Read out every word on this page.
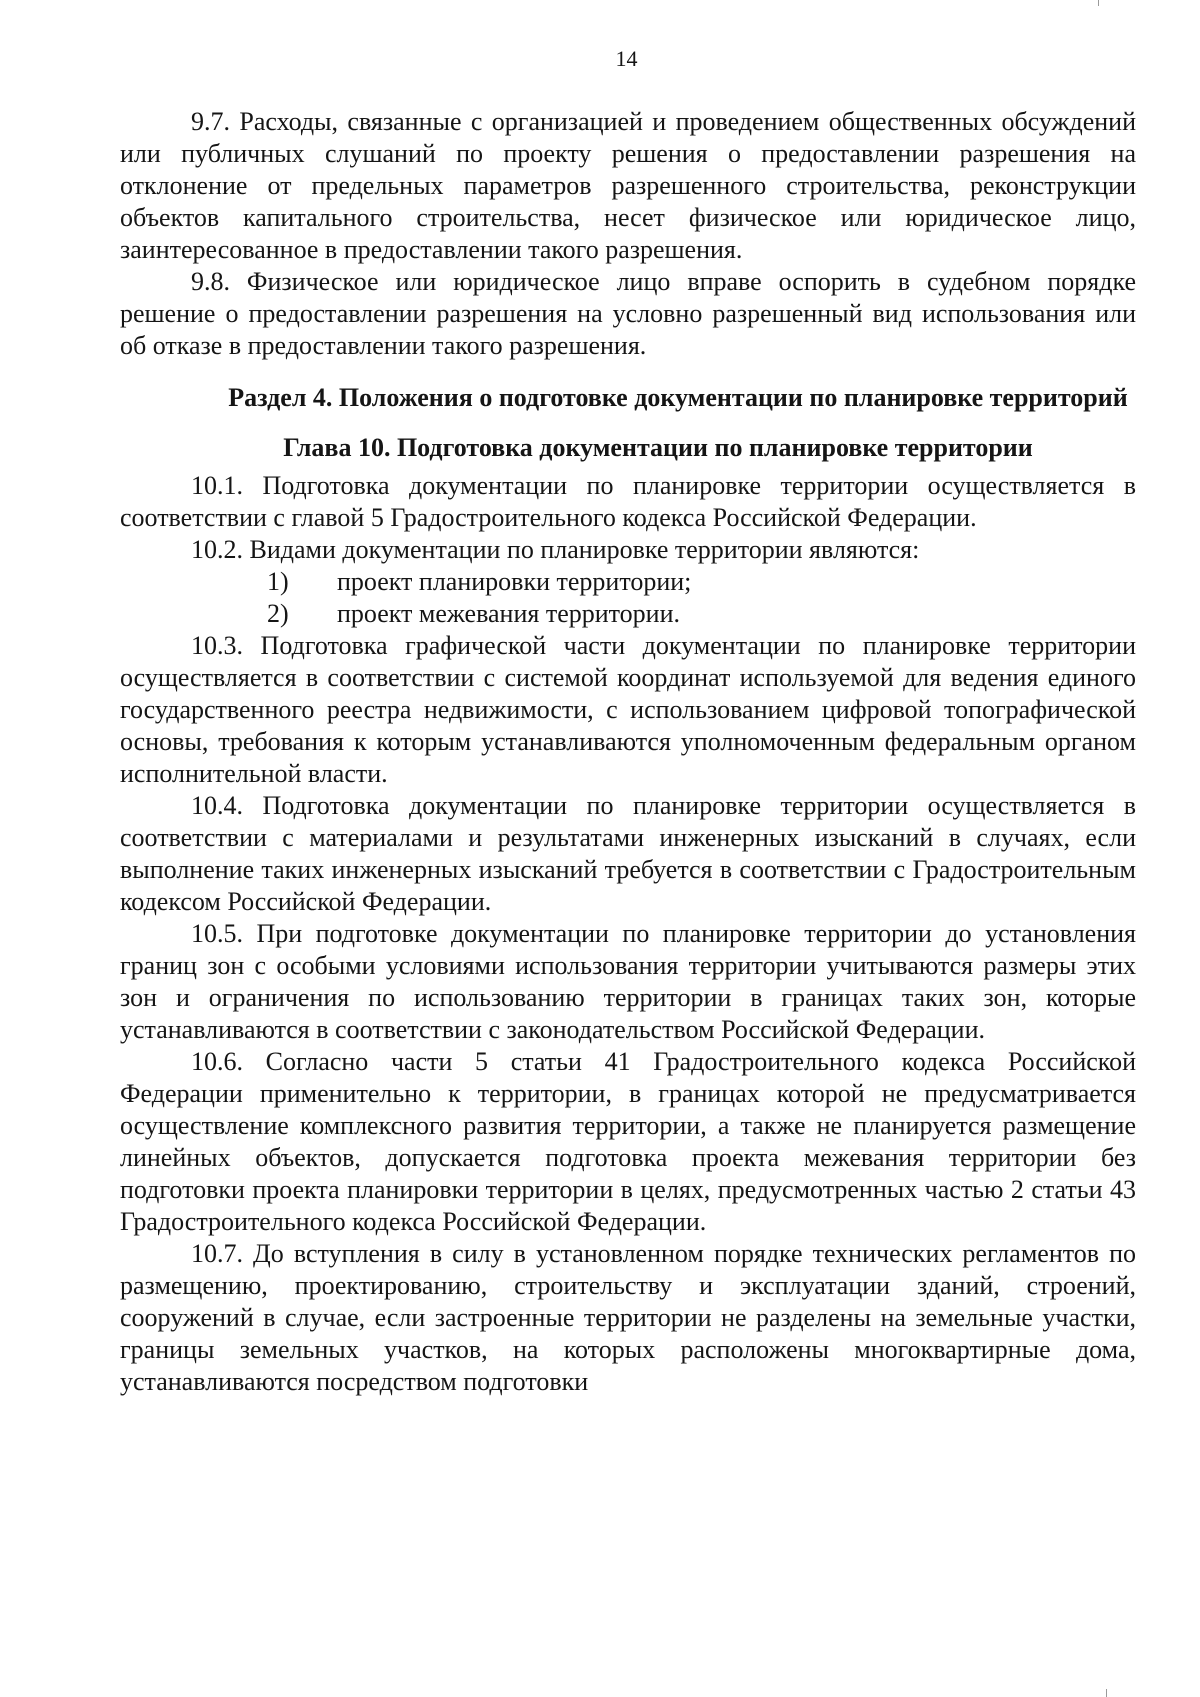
14

9.7. Расходы, связанные с организацией и проведением общественных обсуждений или публичных слушаний по проекту решения о предоставлении разрешения на отклонение от предельных параметров разрешенного строительства, реконструкции объектов капитального строительства, несет физическое или юридическое лицо, заинтересованное в предоставлении такого разрешения.

9.8. Физическое или юридическое лицо вправе оспорить в судебном порядке решение о предоставлении разрешения на условно разрешенный вид использования или об отказе в предоставлении такого разрешения.

Раздел 4. Положения о подготовке документации по планировке территорий

Глава 10. Подготовка документации по планировке территории

10.1. Подготовка документации по планировке территории осуществляется в соответствии с главой 5 Градостроительного кодекса Российской Федерации.

10.2. Видами документации по планировке территории являются:

1) проект планировки территории;

2) проект межевания территории.

10.3. Подготовка графической части документации по планировке территории осуществляется в соответствии с системой координат используемой для ведения единого государственного реестра недвижимости, с использованием цифровой топографической основы, требования к которым устанавливаются уполномоченным федеральным органом исполнительной власти.

10.4. Подготовка документации по планировке территории осуществляется в соответствии с материалами и результатами инженерных изысканий в случаях, если выполнение таких инженерных изысканий требуется в соответствии с Градостроительным кодексом Российской Федерации.

10.5. При подготовке документации по планировке территории до установления границ зон с особыми условиями использования территории учитываются размеры этих зон и ограничения по использованию территории в границах таких зон, которые устанавливаются в соответствии с законодательством Российской Федерации.

10.6. Согласно части 5 статьи 41 Градостроительного кодекса Российской Федерации применительно к территории, в границах которой не предусматривается осуществление комплексного развития территории, а также не планируется размещение линейных объектов, допускается подготовка проекта межевания территории без подготовки проекта планировки территории в целях, предусмотренных частью 2 статьи 43 Градостроительного кодекса Российской Федерации.

10.7. До вступления в силу в установленном порядке технических регламентов по размещению, проектированию, строительству и эксплуатации зданий, строений, сооружений в случае, если застроенные территории не разделены на земельные участки, границы земельных участков, на которых расположены многоквартирные дома, устанавливаются посредством подготовки
